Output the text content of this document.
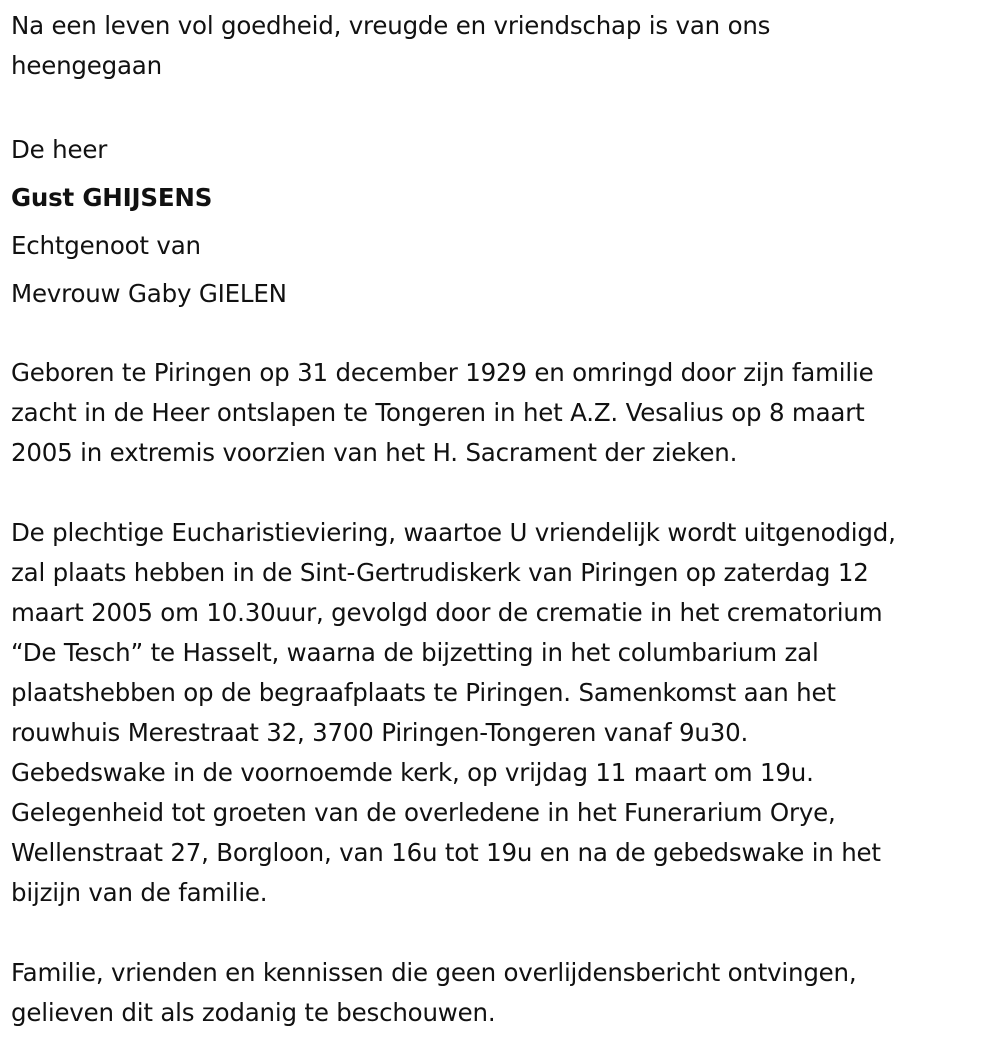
Na een leven vol goedheid, vreugde en vriendschap is van ons

heengegaan

De heer

Gust GHIJSENS

Echtgenoot van

Mevrouw Gaby GIELEN

Geboren te Piringen op 31 december 1929 en omringd door zijn familie

zacht in de Heer ontslapen te Tongeren in het A.Z. Vesalius op 8 maart

2005 in extremis voorzien van het H. Sacrament der zieken.

De plechtige Eucharistieviering, waartoe U vriendelijk wordt uitgenodigd,

zal plaats hebben in de Sint-Gertrudiskerk van Piringen op zaterdag 12

maart 2005 om 10.30uur, gevolgd door de crematie in het crematorium

“De Tesch” te Hasselt, waarna de bijzetting in het columbarium zal

plaatshebben op de begraafplaats te Piringen. Samenkomst aan het

rouwhuis Merestraat 32, 3700 Piringen-Tongeren vanaf 9u30.

Gebedswake in de voornoemde kerk, op vrijdag 11 maart om 19u.

Gelegenheid tot groeten van de overledene in het Funerarium Orye,

Wellenstraat 27, Borgloon, van 16u tot 19u en na de gebedswake in het

bijzijn van de familie.

Familie, vrienden en kennissen die geen overlijdensbericht ontvingen,

gelieven dit als zodanig te beschouwen.
